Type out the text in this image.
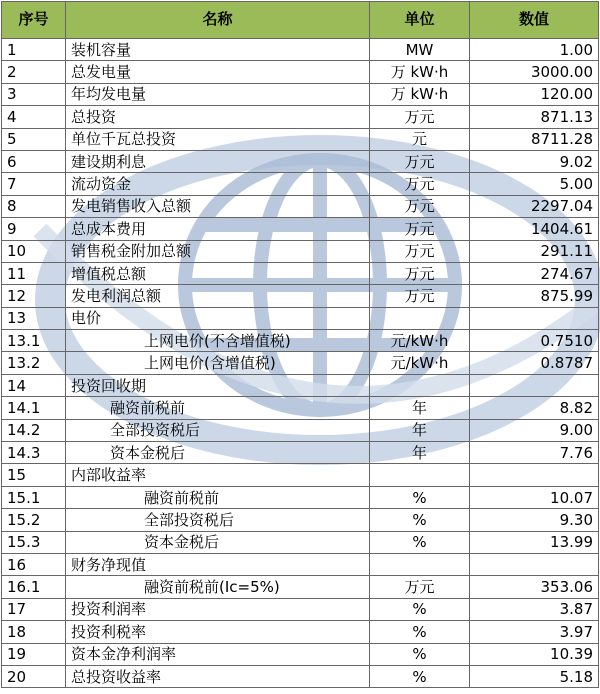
序号	名称	单位	数值
1	装机容量	MW	1.00
2	总发电量	万 kW·h	3000.00
3	年均发电量	万 kW·h	120.00
4	总投资	万元	871.13
5	单位千瓦总投资	元	8711.28
6	建设期利息	万元	9.02
7	流动资金	万元	5.00
8	发电销售收入总额	万元	2297.04
9	总成本费用	万元	1404.61
10	销售税金附加总额	万元	291.11
11	增值税总额	万元	274.67
12	发电利润总额	万元	875.99
13	电价		
13.1	上网电价(不含增值税)	元/kW·h	0.7510
13.2	上网电价(含增值税)	元/kW·h	0.8787
14	投资回收期		
14.1	融资前税前	年	8.82
14.2	全部投资税后	年	9.00
14.3	资本金税后	年	7.76
15	内部收益率		
15.1	融资前税前	%	10.07
15.2	全部投资税后	%	9.30
15.3	资本金税后	%	13.99
16	财务净现值		
16.1	融资前税前(Ic=5%)	万元	353.06
17	投资利润率	%	3.87
18	投资利税率	%	3.97
19	资本金净利润率	%	10.39
20	总投资收益率	%	5.18
